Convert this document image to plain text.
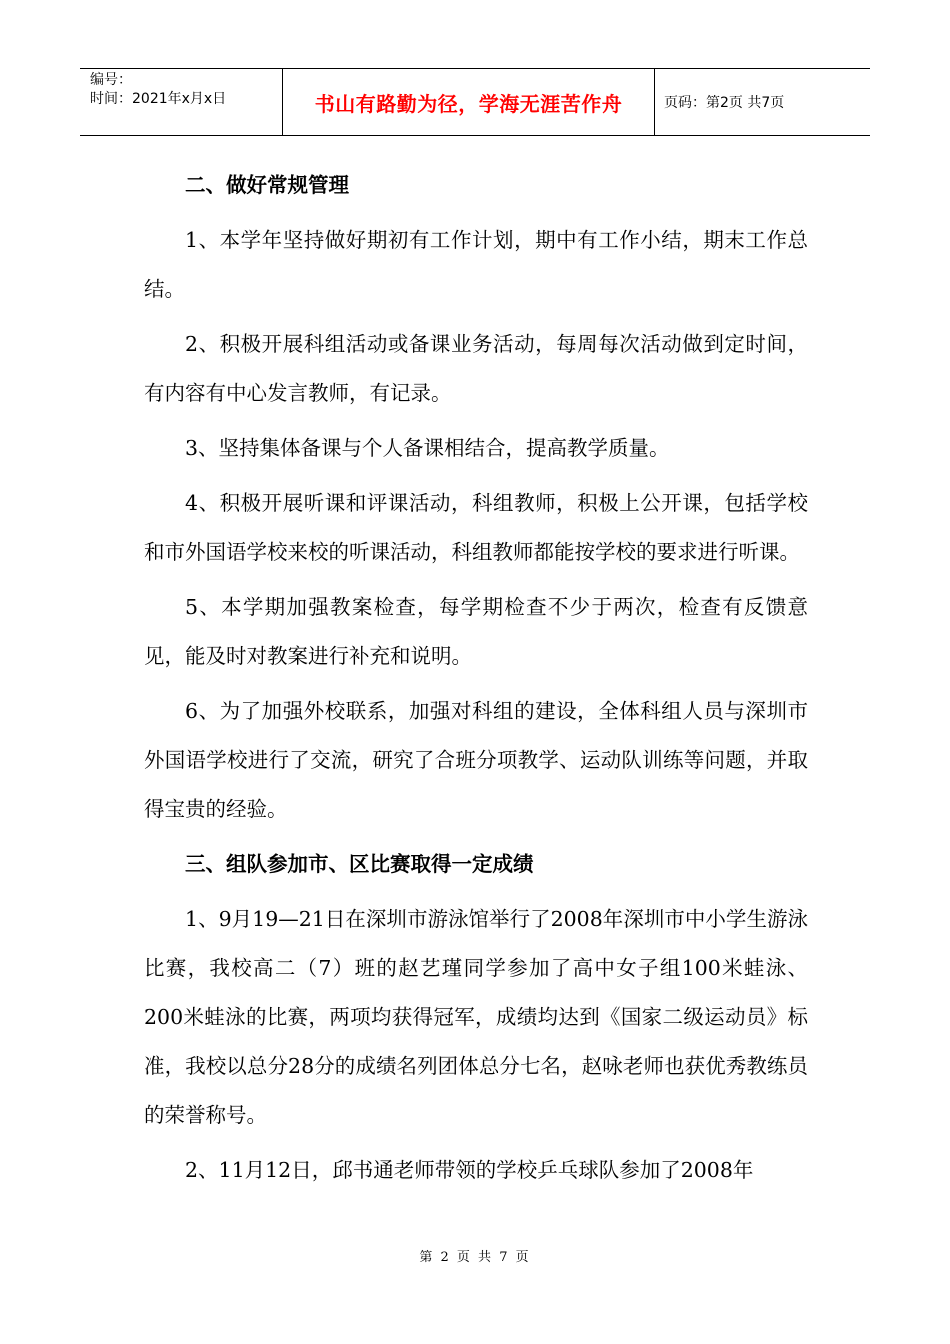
编号：
时间：2021年x月x日	书山有路勤为径，学海无涯苦作舟	页码：第2页 共7页

二、做好常规管理

1、本学年坚持做好期初有工作计划，期中有工作小结，期末工作总结。

2、积极开展科组活动或备课业务活动，每周每次活动做到定时间，有内容有中心发言教师，有记录。

3、坚持集体备课与个人备课相结合，提高教学质量。

4、积极开展听课和评课活动，科组教师，积极上公开课，包括学校和市外国语学校来校的听课活动，科组教师都能按学校的要求进行听课。

5、本学期加强教案检查，每学期检查不少于两次，检查有反馈意见，能及时对教案进行补充和说明。

6、为了加强外校联系，加强对科组的建设，全体科组人员与深圳市外国语学校进行了交流，研究了合班分项教学、运动队训练等问题，并取得宝贵的经验。

三、组队参加市、区比赛取得一定成绩

1、9月19—21日在深圳市游泳馆举行了2008年深圳市中小学生游泳比赛，我校高二（7）班的赵艺瑾同学参加了高中女子组100米蛙泳、200米蛙泳的比赛，两项均获得冠军，成绩均达到《国家二级运动员》标准，我校以总分28分的成绩名列团体总分七名，赵咏老师也获优秀教练员的荣誉称号。

2、11月12日，邱书通老师带领的学校乒乓球队参加了2008年

第 2 页 共 7 页
